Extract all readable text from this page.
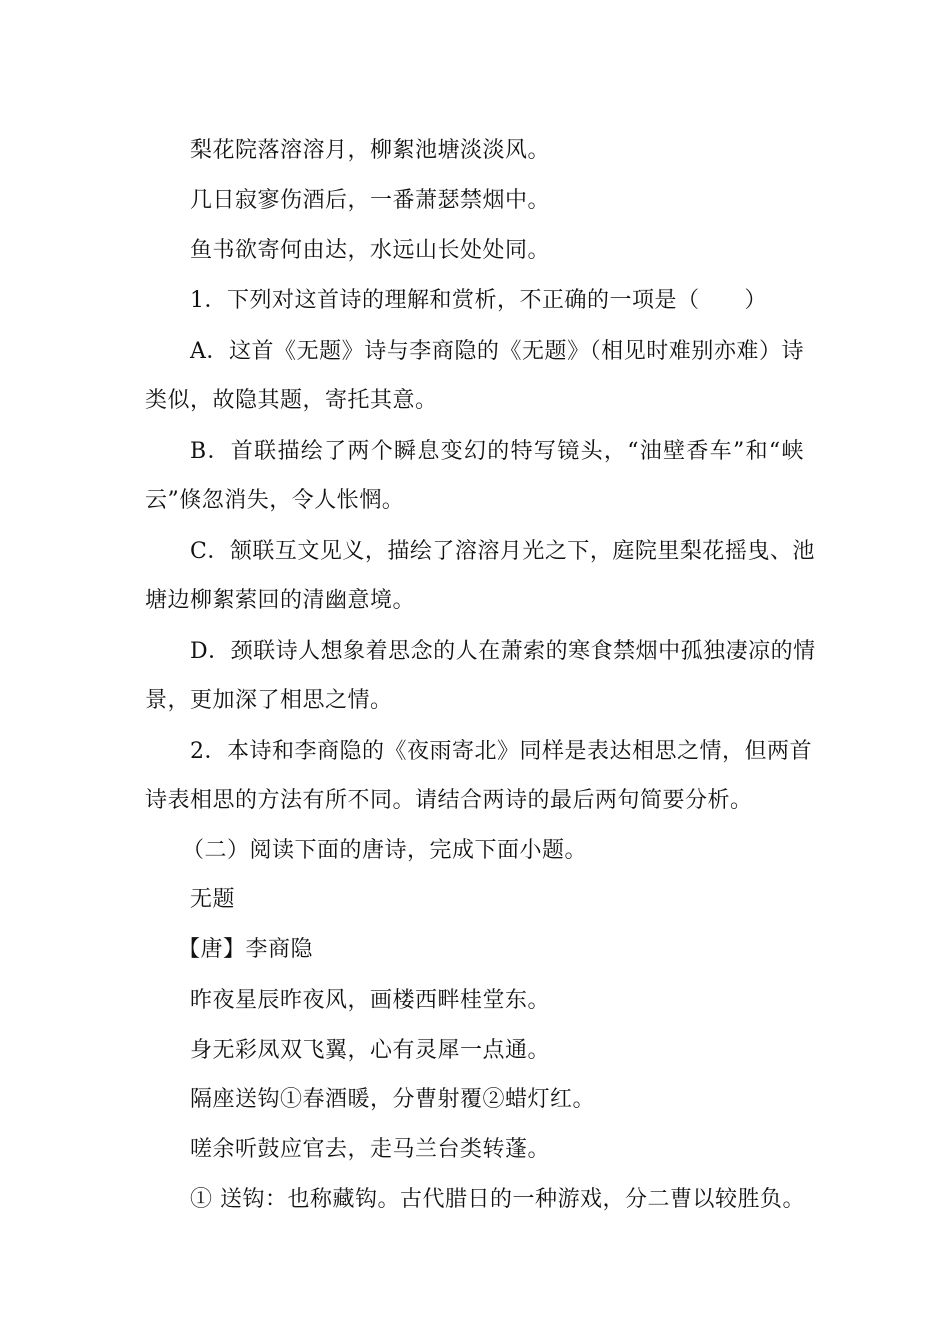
梨花院落溶溶月，柳絮池塘淡淡风。
几日寂寥伤酒后，一番萧瑟禁烟中。
鱼书欲寄何由达，水远山长处处同。
1．下列对这首诗的理解和赏析，不正确的一项是（　　）
A．这首《无题》诗与李商隐的《无题》（相见时难别亦难）诗
类似，故隐其题，寄托其意。
B．首联描绘了两个瞬息变幻的特写镜头，“油壁香车”和“峡
云”倏忽消失，令人怅惘。
C．颔联互文见义，描绘了溶溶月光之下，庭院里梨花摇曳、池
塘边柳絮萦回的清幽意境。
D．颈联诗人想象着思念的人在萧索的寒食禁烟中孤独凄凉的情
景，更加深了相思之情。
2．本诗和李商隐的《夜雨寄北》同样是表达相思之情，但两首
诗表相思的方法有所不同。请结合两诗的最后两句简要分析。
（二）阅读下面的唐诗，完成下面小题。
无题
【唐】李商隐
昨夜星辰昨夜风，画楼西畔桂堂东。
身无彩凤双飞翼，心有灵犀一点通。
隔座送钩①春酒暖，分曹射覆②蜡灯红。
嗟余听鼓应官去，走马兰台类转蓬。
① 送钩：也称藏钩。古代腊日的一种游戏，分二曹以较胜负。
